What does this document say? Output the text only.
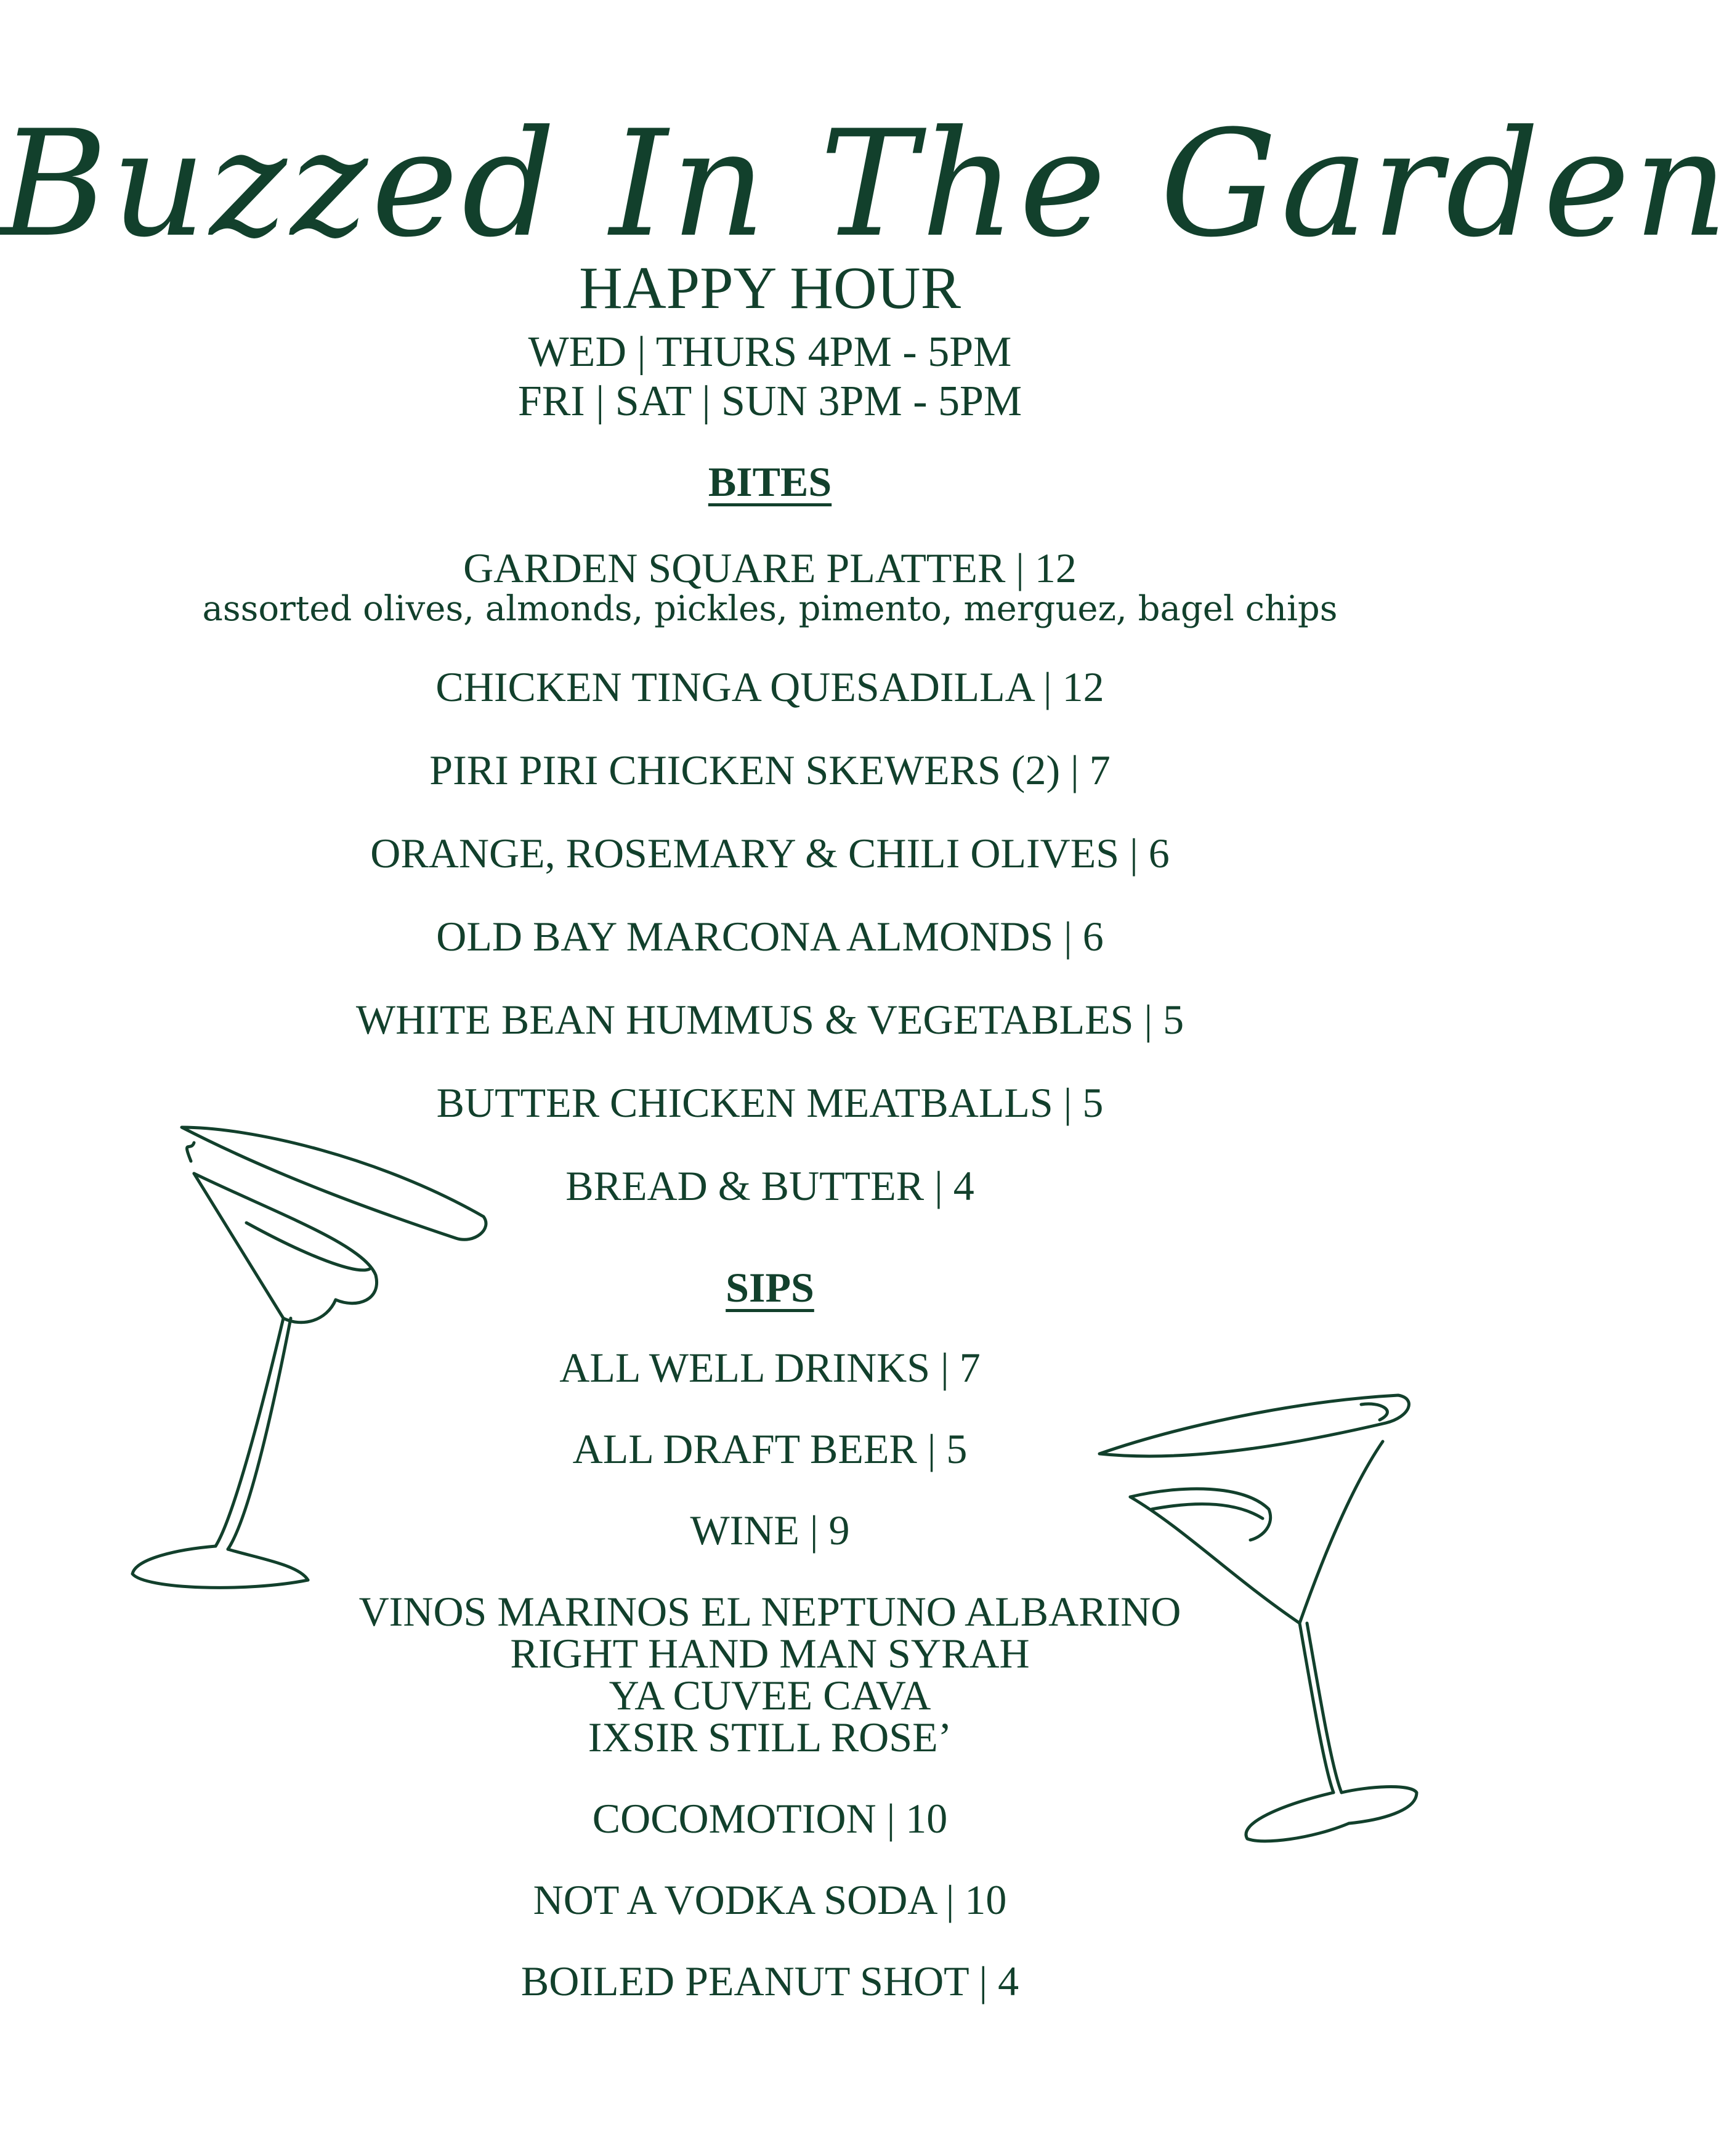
Buzzed In The Garden
HAPPY HOUR
WED | THURS 4PM - 5PM
FRI | SAT | SUN 3PM - 5PM
BITES
GARDEN SQUARE PLATTER | 12
assorted olives, almonds, pickles, pimento, merguez, bagel chips
CHICKEN TINGA QUESADILLA | 12
PIRI PIRI CHICKEN SKEWERS (2) | 7
ORANGE, ROSEMARY & CHILI OLIVES | 6
OLD BAY MARCONA ALMONDS | 6
WHITE BEAN HUMMUS & VEGETABLES | 5
BUTTER CHICKEN MEATBALLS | 5
BREAD & BUTTER | 4
SIPS
ALL WELL DRINKS | 7
ALL DRAFT BEER | 5
WINE | 9
VINOS MARINOS EL NEPTUNO ALBARINO
RIGHT HAND MAN SYRAH
YA CUVEE CAVA
IXSIR STILL ROSE’
COCOMOTION | 10
NOT A VODKA SODA | 10
BOILED PEANUT SHOT | 4
